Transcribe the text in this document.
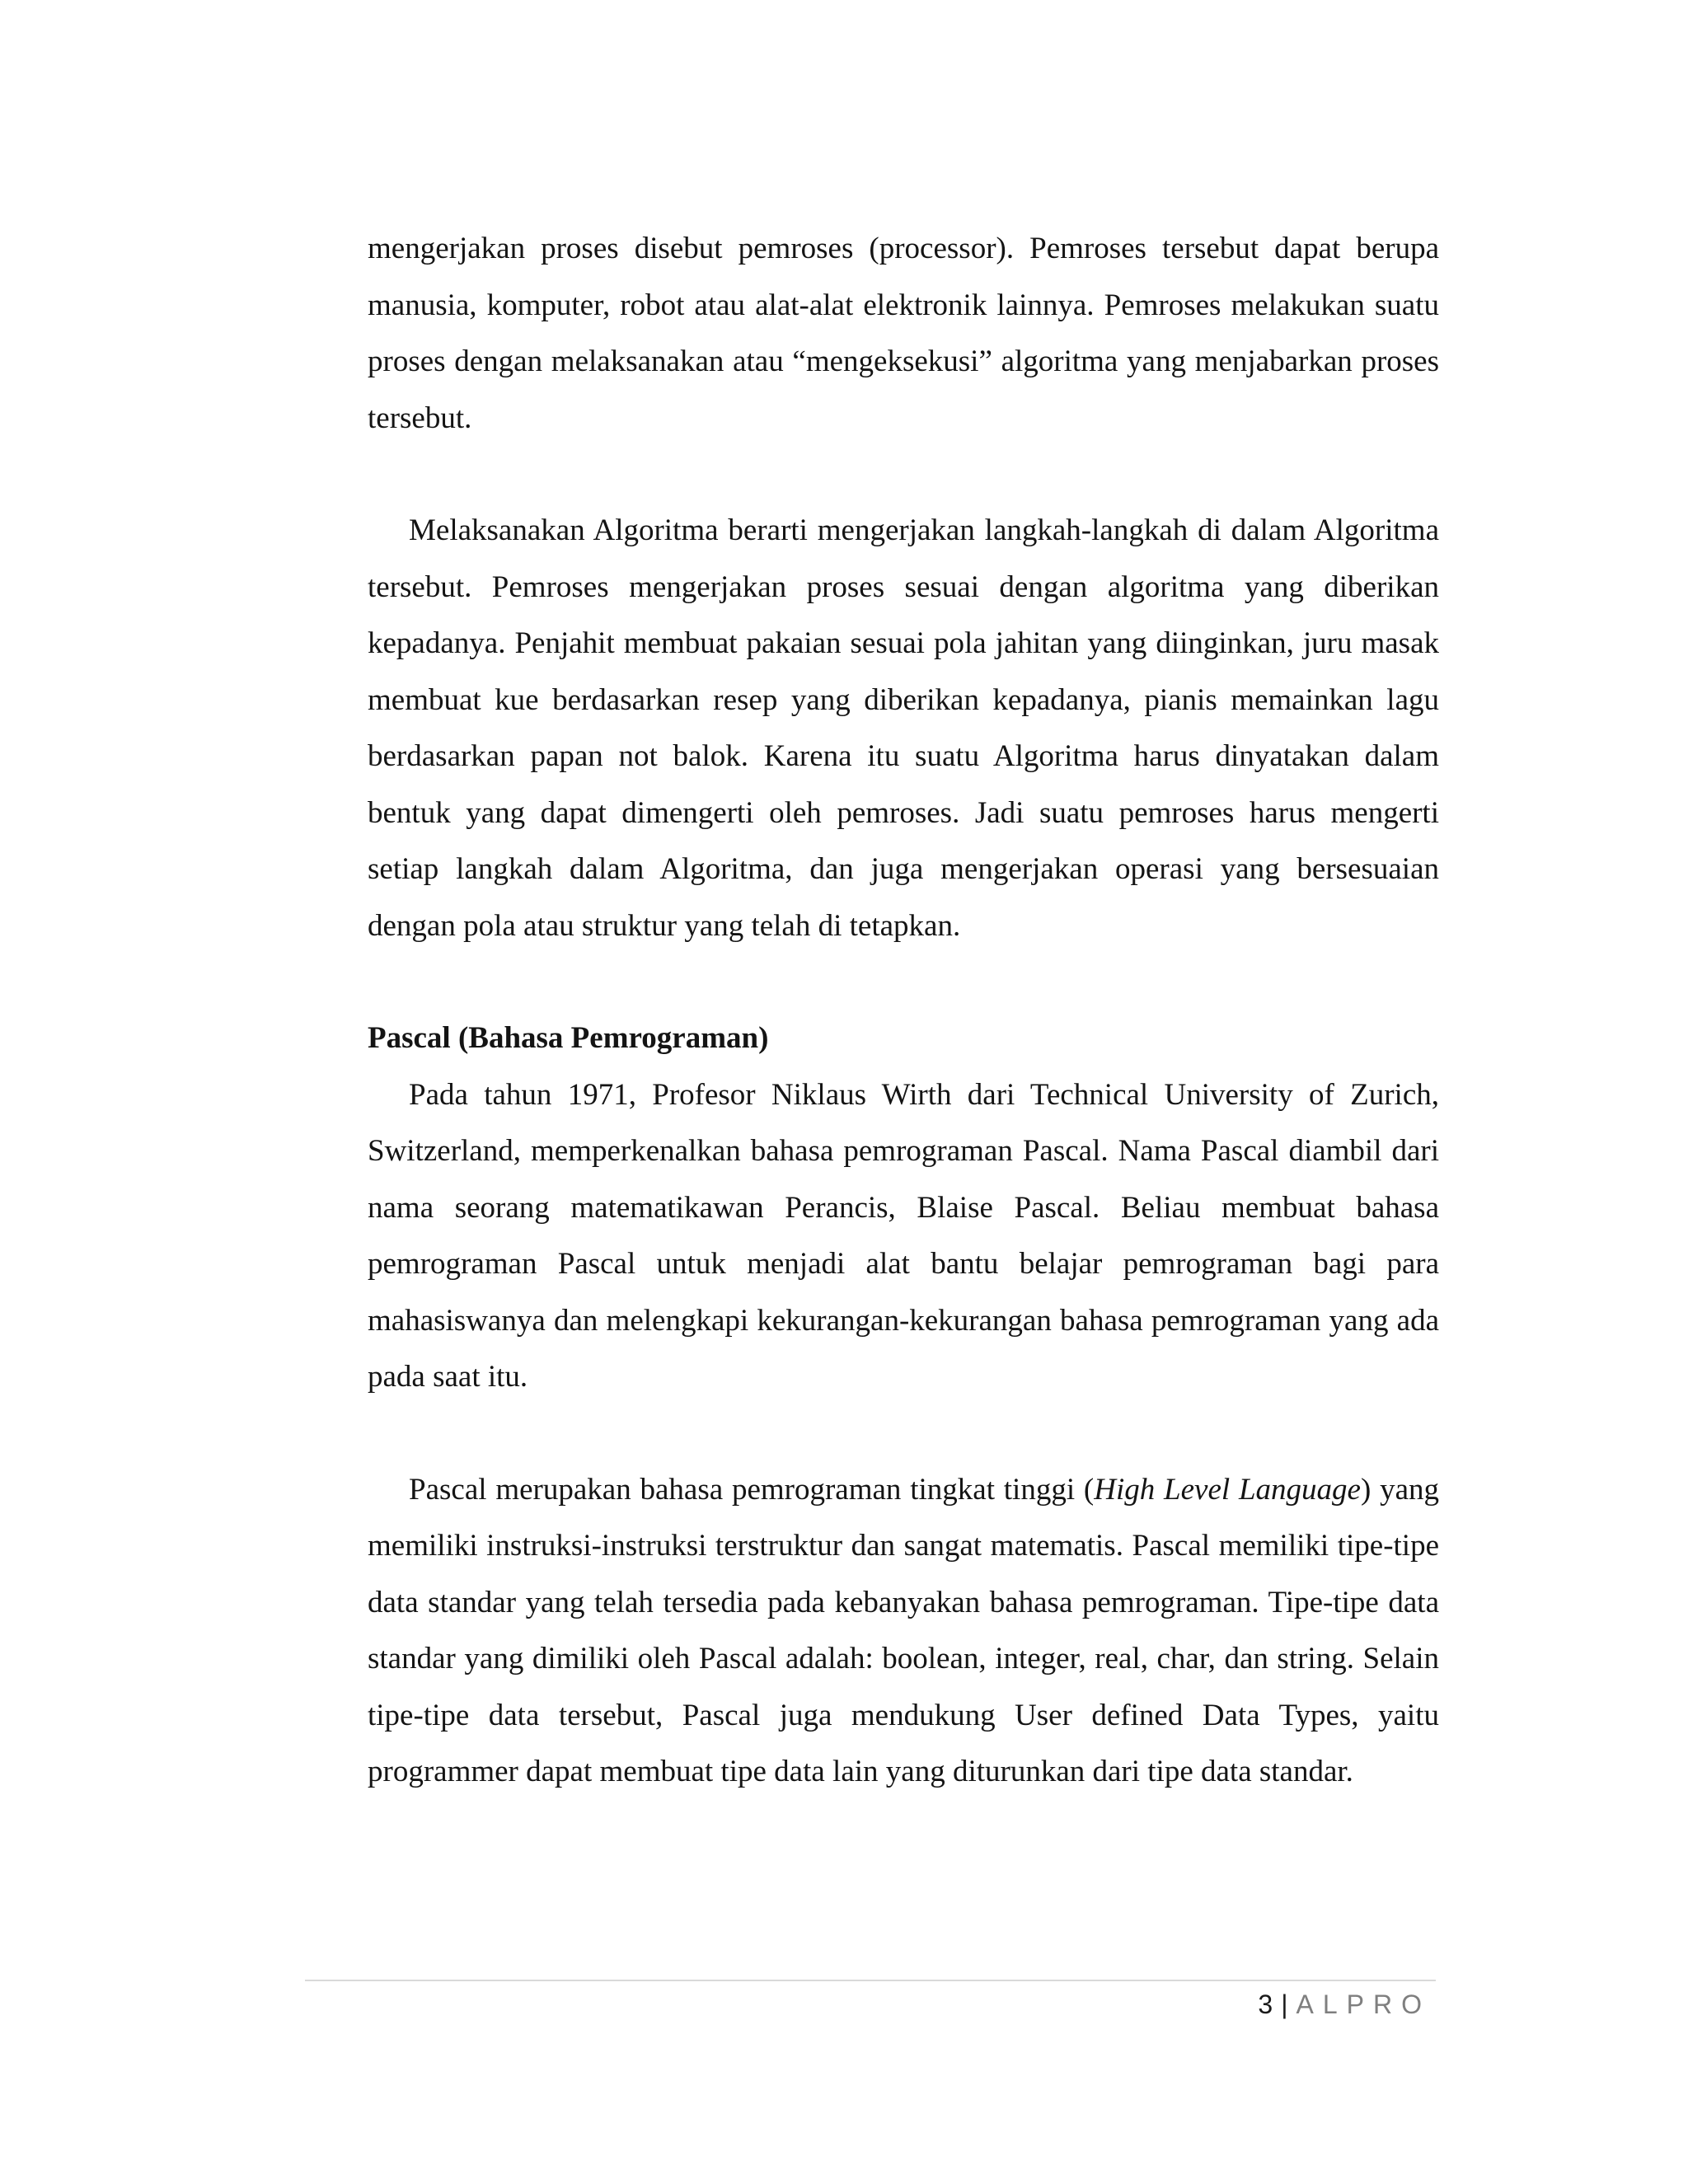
mengerjakan proses disebut pemroses (processor). Pemroses tersebut dapat berupa manusia, komputer, robot atau alat-alat elektronik lainnya. Pemroses melakukan suatu proses dengan melaksanakan atau “mengeksekusi” algoritma yang menjabarkan proses tersebut.

Melaksanakan Algoritma berarti mengerjakan langkah-langkah di dalam Algoritma tersebut. Pemroses mengerjakan proses sesuai dengan algoritma yang diberikan kepadanya. Penjahit membuat pakaian sesuai pola jahitan yang diinginkan, juru masak membuat kue berdasarkan resep yang diberikan kepadanya, pianis memainkan lagu berdasarkan papan not balok. Karena itu suatu Algoritma harus dinyatakan dalam bentuk yang dapat dimengerti oleh pemroses. Jadi suatu pemroses harus mengerti setiap langkah dalam Algoritma, dan juga mengerjakan operasi yang bersesuaian dengan pola atau struktur yang telah di tetapkan.

Pascal (Bahasa Pemrograman)

Pada tahun 1971, Profesor Niklaus Wirth dari Technical University of Zurich, Switzerland, memperkenalkan bahasa pemrograman Pascal. Nama Pascal diambil dari nama seorang matematikawan Perancis, Blaise Pascal. Beliau membuat bahasa pemrograman Pascal untuk menjadi alat bantu belajar pemrograman bagi para mahasiswanya dan melengkapi kekurangan-kekurangan bahasa pemrograman yang ada pada saat itu.

Pascal merupakan bahasa pemrograman tingkat tinggi (High Level Language) yang memiliki instruksi-instruksi terstruktur dan sangat matematis. Pascal memiliki tipe-tipe data standar yang telah tersedia pada kebanyakan bahasa pemrograman. Tipe-tipe data standar yang dimiliki oleh Pascal adalah: boolean, integer, real, char, dan string. Selain tipe-tipe data tersebut, Pascal juga mendukung User defined Data Types, yaitu programmer dapat membuat tipe data lain yang diturunkan dari tipe data standar.

3 | ALPRO
